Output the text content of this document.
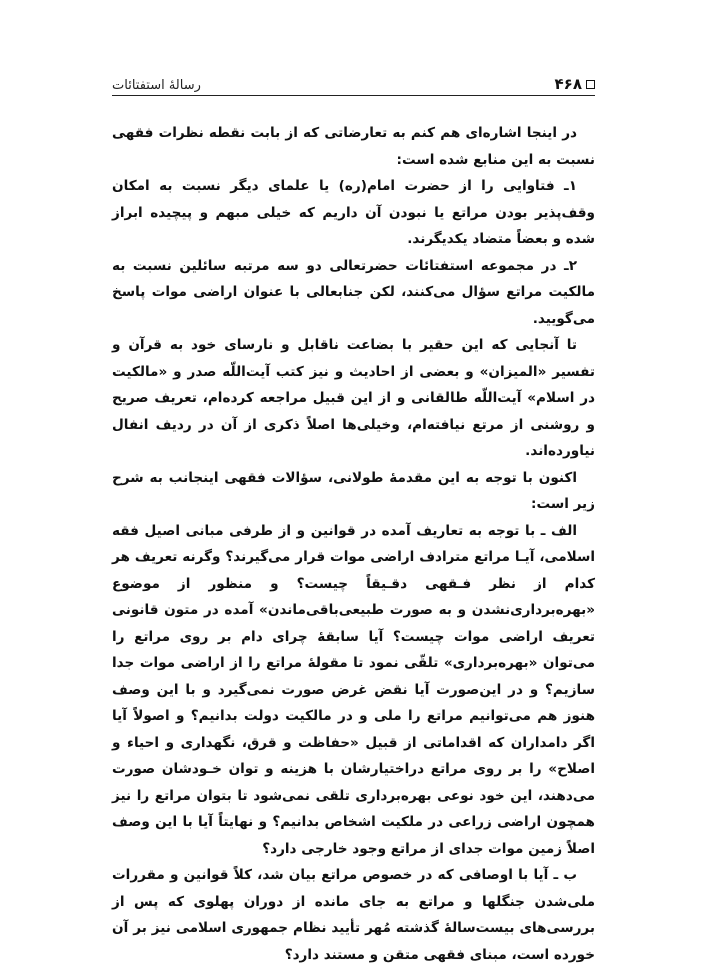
۴۶۸
رسالۀ استفتائات

در اینجا اشاره‌ای هم کنم به تعارضاتی که از بابت نقطه نظرات فقهی نسبت به این منابع شده است:

۱ـ فتاوایی را از حضرت امام(ره) یا علمای دیگر نسبت به امکان وقف‌پذیر بودن مراتع یا نبودن آن داریم که خیلی مبهم و پیچیده ابراز شده و بعضاً متضاد یکدیگرند.

۲ـ در مجموعه استفتائات حضرتعالی دو سه مرتبه سائلین نسبت به مالکیت مراتع سؤال می‌کنند، لکن جنابعالی با عنوان اراضی موات پاسخ می‌گویید.

تا آنجایی که این حقیر با بضاعت ناقابل و نارسای خود به قرآن و تفسیر «المیزان» و بعضی از احادیث و نیز کتب آیت‌اللّه صدر و «مالکیت در اسلام» آیت‌اللّه طالقانی و از این قبیل مراجعه کرده‌ام، تعریف صریح و روشنی از مرتع نیافته‌ام، وخیلی‌ها اصلاً ذکری از آن در ردیف انفال نیاورده‌اند.

اکنون با توجه به این مقدمۀ طولانی، سؤالات فقهی اینجانب به شرح زیر است:

الف ـ با توجه به تعاریف آمده در قوانین و از طرفی مبانی اصیل فقه اسلامی، آیـا مراتع مترادف اراضی موات قرار می‌گیرند؟ وگرنه تعریف هر کدام از نظر فـقهی دقـیقاً چیست؟ و منظور از موضوع «بهره‌برداری‌نشدن و به صورت طبیعی‌باقی‌ماندن» آمده در متون قانونی تعریف اراضی موات چیست؟ آیا سابقۀ چرای دام بر روی مراتع را می‌توان «بهره‌برداری» تلقّی نمود تا مقولۀ مراتع را از اراضی موات جدا سازیم؟ و در این‌صورت آیا نقض غرض صورت نمی‌گیرد و با این وصف هنوز هم می‌توانیم مراتع را ملی و در مالکیت دولت بدانیم؟ و اصولاً آیا اگر دامداران که اقداماتی از قبیل «حفاظت و قرق، نگهداری و احیاء و اصلاح» را بر روی مراتع دراختیارشان با هزینه و توان خـودشان صورت می‌دهند، این خود نوعی بهره‌برداری تلقی نمی‌شود تا بتوان مراتع را نیز همچون اراضی زراعی در ملکیت اشخاص بدانیم؟ و نهایتاً آیا با این وصف اصلاً زمین موات جدای از مراتع وجود خارجی دارد؟

ب ـ آیا با اوصافی که در خصوص مراتع بیان شد، کلاً قوانین و مقررات ملی‌شدن جنگلها و مراتع به جای مانده از دوران پهلوی که پس از بررسی‌های بیست‌سالۀ گذشته مُهر تأیید نظام جمهوری اسلامی نیز بر آن خورده است، مبنای فقهی متقن و مستند دارد؟
